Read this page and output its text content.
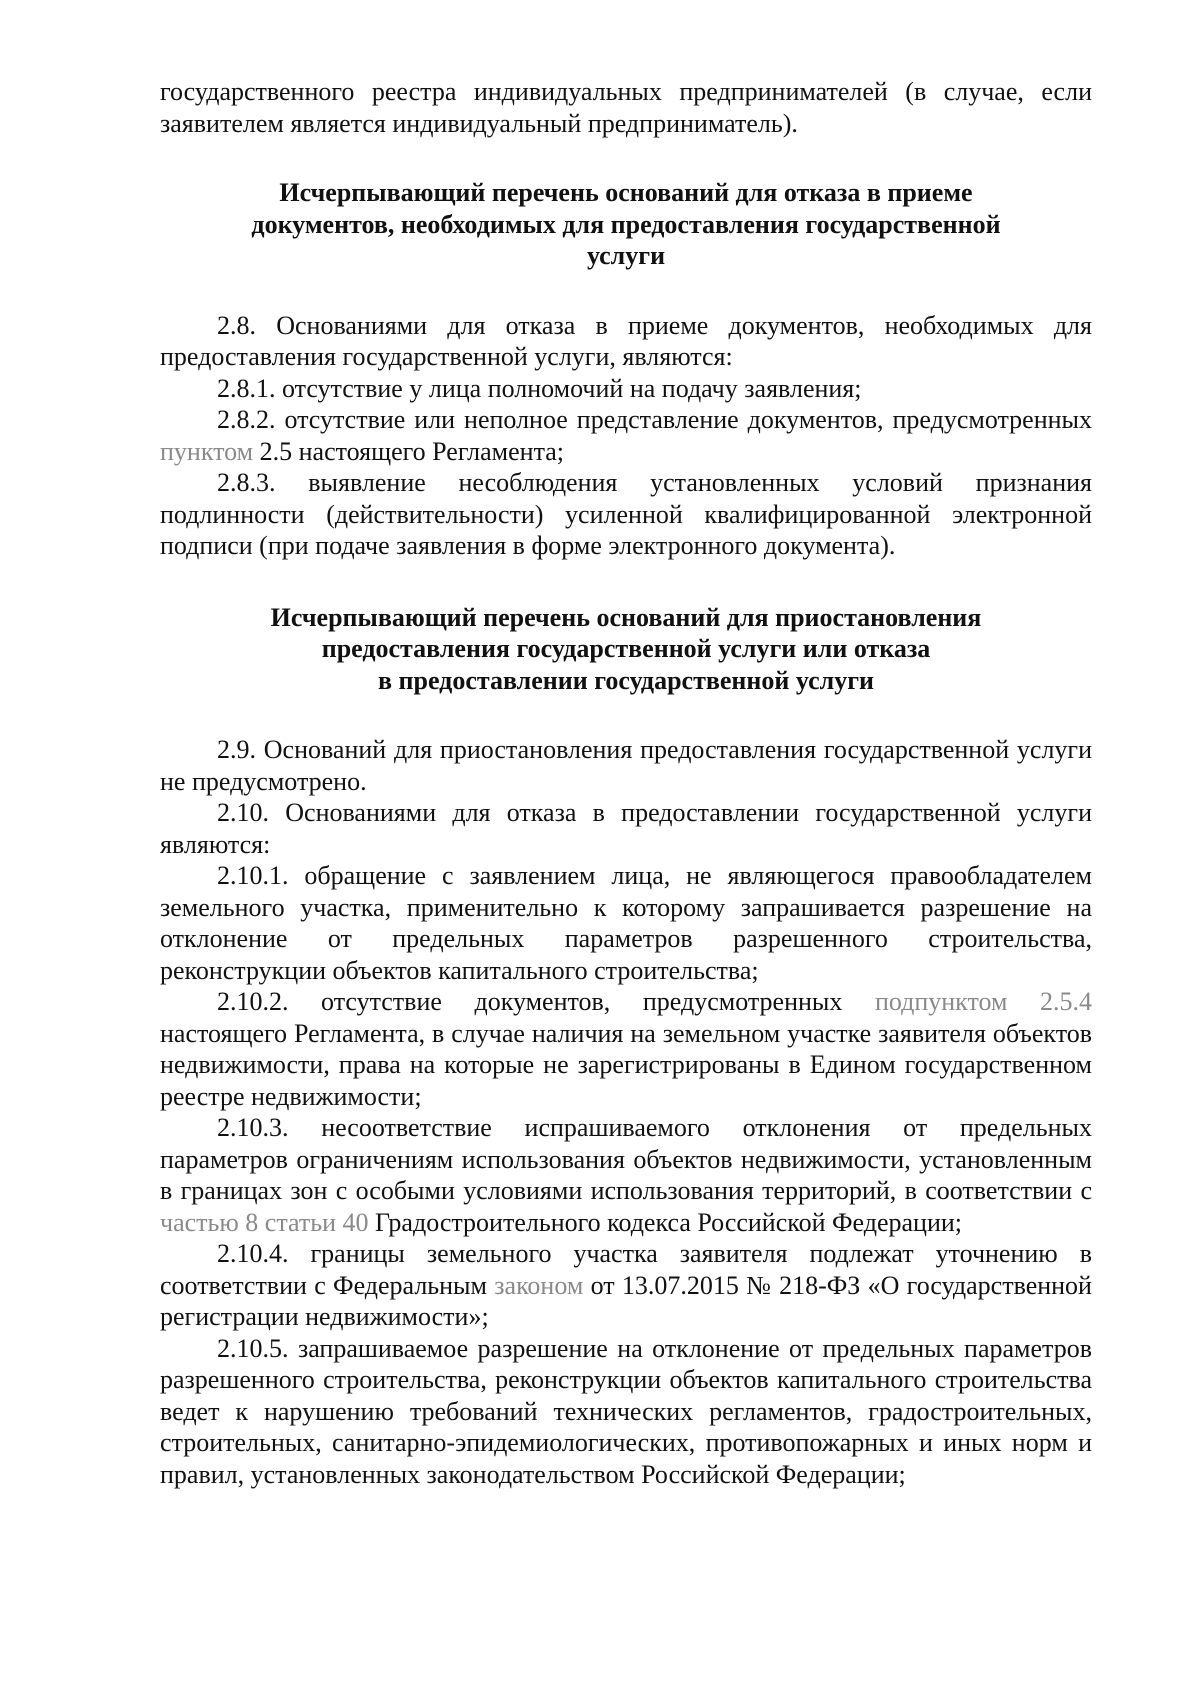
государственного реестра индивидуальных предпринимателей (в случае, если заявителем является индивидуальный предприниматель).

Исчерпывающий перечень оснований для отказа в приеме
документов, необходимых для предоставления государственной
услуги

2.8. Основаниями для отказа в приеме документов, необходимых для предоставления государственной услуги, являются:

2.8.1. отсутствие у лица полномочий на подачу заявления;

2.8.2. отсутствие или неполное представление документов, предусмотренных пунктом 2.5 настоящего Регламента;

2.8.3. выявление несоблюдения установленных условий признания подлинности (действительности) усиленной квалифицированной электронной подписи (при подаче заявления в форме электронного документа).

Исчерпывающий перечень оснований для приостановления
предоставления государственной услуги или отказа
в предоставлении государственной услуги

2.9. Оснований для приостановления предоставления государственной услуги не предусмотрено.

2.10. Основаниями для отказа в предоставлении государственной услуги являются:

2.10.1. обращение с заявлением лица, не являющегося правообладателем земельного участка, применительно к которому запрашивается разрешение на отклонение от предельных параметров разрешенного строительства, реконструкции объектов капитального строительства;

2.10.2. отсутствие документов, предусмотренных подпунктом 2.5.4 настоящего Регламента, в случае наличия на земельном участке заявителя объектов недвижимости, права на которые не зарегистрированы в Едином государственном реестре недвижимости;

2.10.3. несоответствие испрашиваемого отклонения от предельных параметров ограничениям использования объектов недвижимости, установленным в границах зон с особыми условиями использования территорий, в соответствии с частью 8 статьи 40 Градостроительного кодекса Российской Федерации;

2.10.4. границы земельного участка заявителя подлежат уточнению в соответствии с Федеральным законом от 13.07.2015 № 218-ФЗ «О государственной регистрации недвижимости»;

2.10.5. запрашиваемое разрешение на отклонение от предельных параметров разрешенного строительства, реконструкции объектов капитального строительства ведет к нарушению требований технических регламентов, градостроительных, строительных, санитарно-эпидемиологических, противопожарных и иных норм и правил, установленных законодательством Российской Федерации;
